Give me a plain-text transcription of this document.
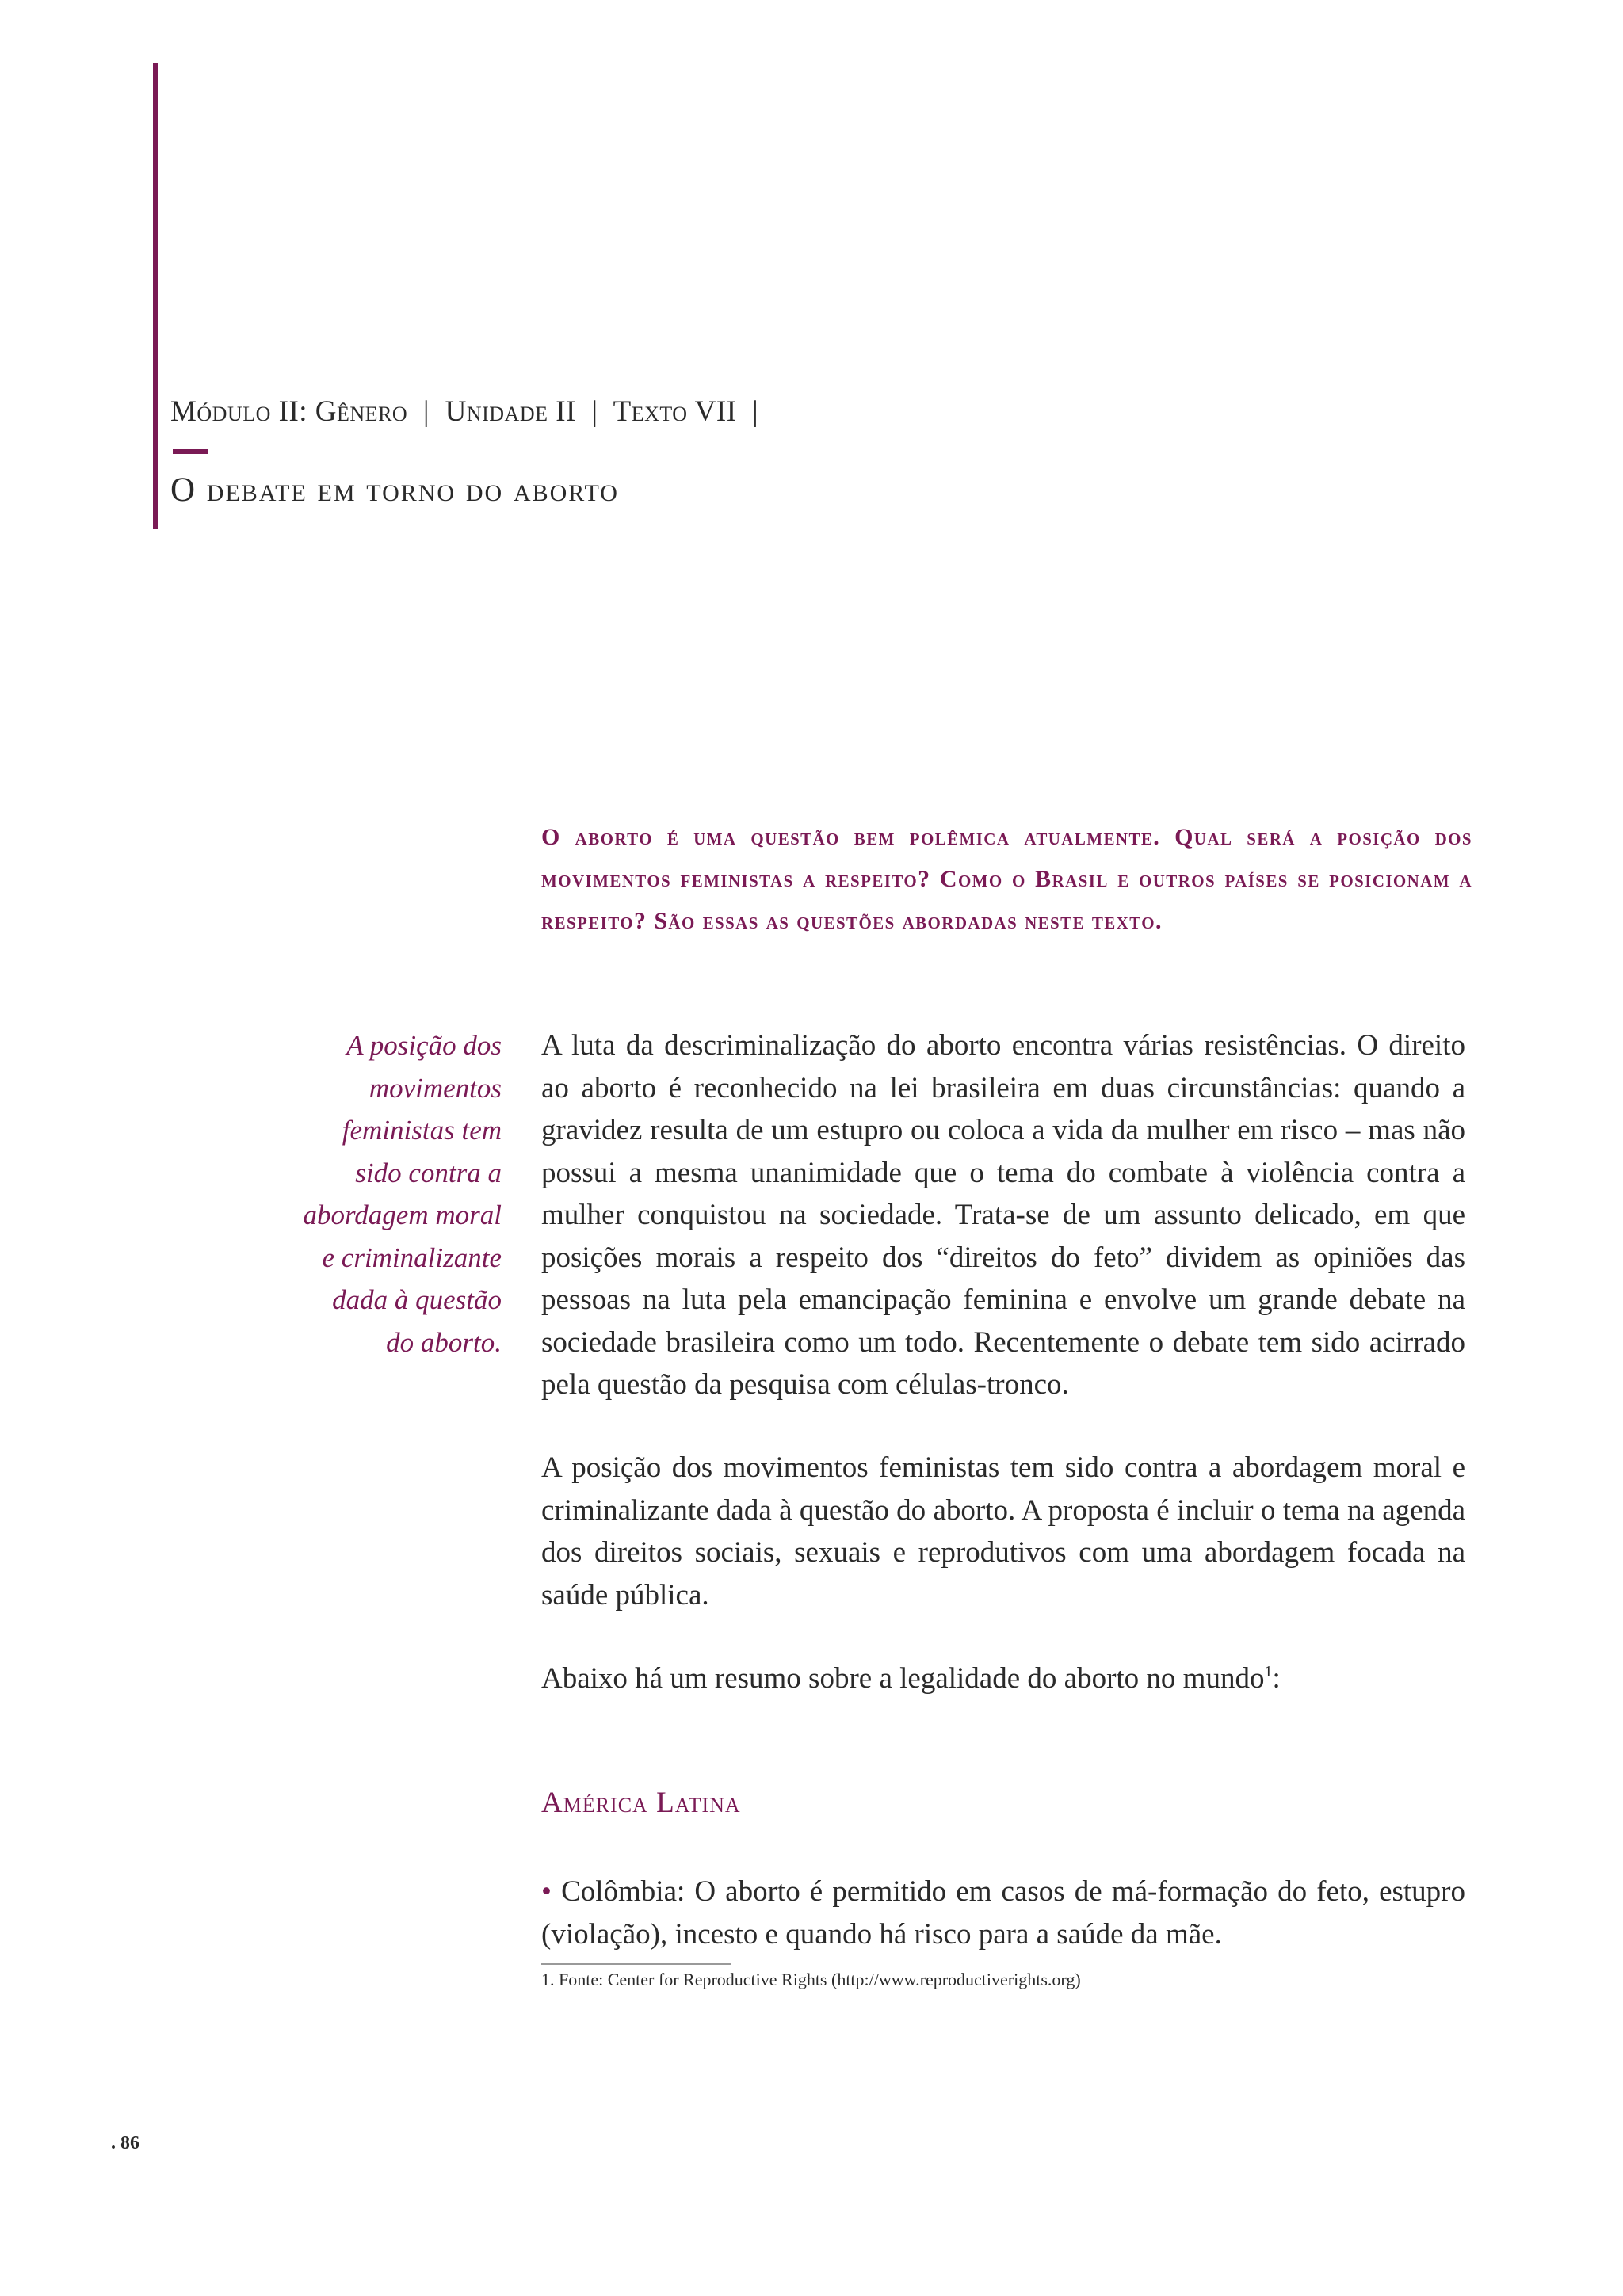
Módulo II: Gênero | Unidade II | Texto VII |

O debate em torno do aborto

O aborto é uma questão bem polêmica atualmente. Qual será a posição dos movimentos feministas a respeito? Como o Brasil e outros países se posicionam a respeito? São essas as questões abordadas neste texto.

A posição dos movimentos feministas tem sido contra a abordagem moral e criminalizante dada à questão do aborto.

A luta da descriminalização do aborto encontra várias resistências. O direito ao aborto é reconhecido na lei brasileira em duas circunstâncias: quando a gravidez resulta de um estupro ou coloca a vida da mulher em risco – mas não possui a mesma unanimidade que o tema do combate à violência contra a mulher conquistou na sociedade. Trata-se de um assunto delicado, em que posições morais a respeito dos “direitos do feto” dividem as opiniões das pessoas na luta pela emancipação feminina e envolve um grande debate na sociedade brasileira como um todo. Recentemente o debate tem sido acirrado pela questão da pesquisa com células-tronco.

A posição dos movimentos feministas tem sido contra a abordagem moral e criminalizante dada à questão do aborto. A proposta é incluir o tema na agenda dos direitos sociais, sexuais e reprodutivos com uma abordagem focada na saúde pública.

Abaixo há um resumo sobre a legalidade do aborto no mundo$^1$:

América Latina

• Colômbia: O aborto é permitido em casos de má-formação do feto, estupro (violação), incesto e quando há risco para a saúde da mãe.

1. Fonte: Center for Reproductive Rights (http://www.reproductiverights.org)

. 86
